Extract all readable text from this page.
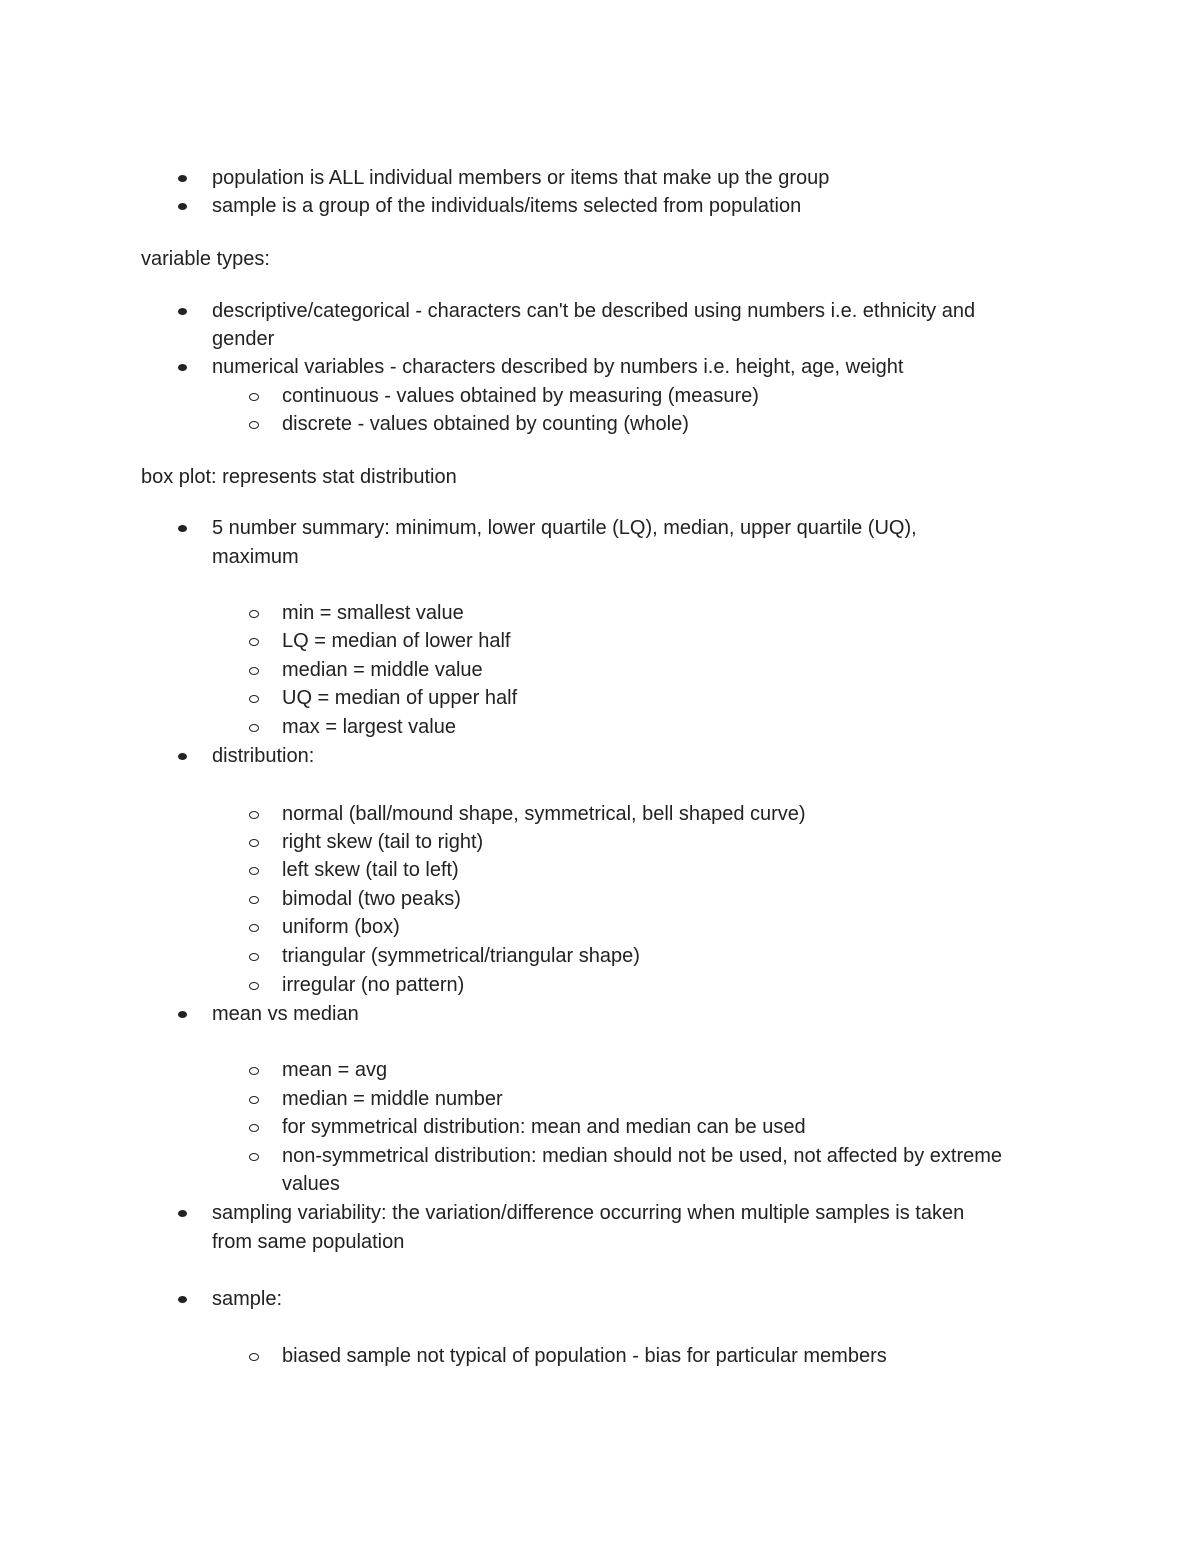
population is ALL individual members or items that make up the group
sample is a group of the individuals/items selected from population
variable types:
descriptive/categorical - characters can't be described using numbers i.e. ethnicity and
gender
numerical variables - characters described by numbers i.e. height, age, weight
continuous - values obtained by measuring (measure)
discrete - values obtained by counting (whole)
box plot: represents stat distribution
5 number summary: minimum, lower quartile (LQ), median, upper quartile (UQ),
maximum
min = smallest value
LQ = median of lower half
median = middle value
UQ = median of upper half
max = largest value
distribution:
normal (ball/mound shape, symmetrical, bell shaped curve)
right skew (tail to right)
left skew (tail to left)
bimodal (two peaks)
uniform (box)
triangular (symmetrical/triangular shape)
irregular (no pattern)
mean vs median
mean = avg
median = middle number
for symmetrical distribution: mean and median can be used
non-symmetrical distribution: median should not be used, not affected by extreme
values
sampling variability: the variation/difference occurring when multiple samples is taken
from same population
sample:
biased sample not typical of population - bias for particular members
